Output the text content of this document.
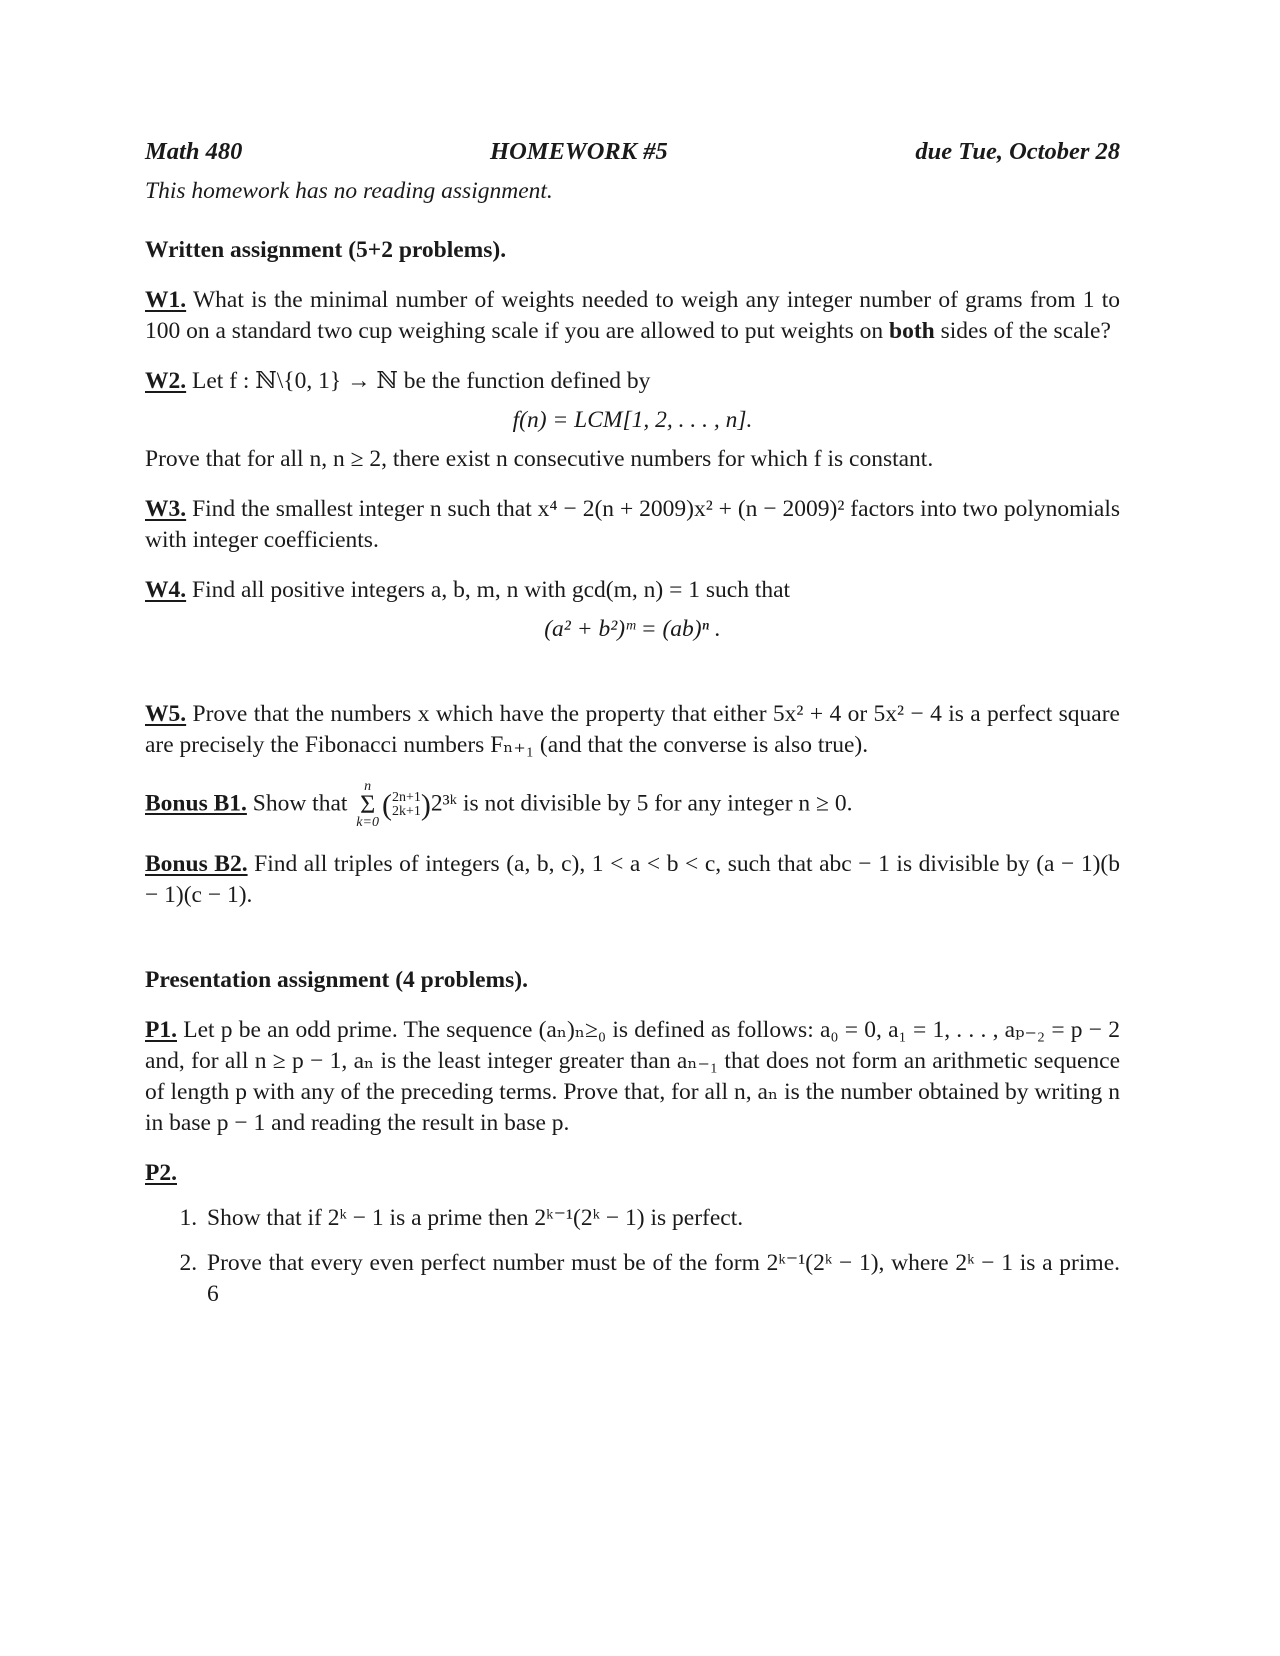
Math 480	HOMEWORK #5	due Tue, October 28
This homework has no reading assignment.
Written assignment (5+2 problems).
W1. What is the minimal number of weights needed to weigh any integer number of grams from 1 to 100 on a standard two cup weighing scale if you are allowed to put weights on both sides of the scale?
W2. Let f : ℕ\{0, 1} → ℕ be the function defined by
f(n) = LCM[1, 2, . . . , n].
Prove that for all n, n ≥ 2, there exist n consecutive numbers for which f is constant.
W3. Find the smallest integer n such that x⁴ − 2(n + 2009)x² + (n − 2009)² factors into two polynomials with integer coefficients.
W4. Find all positive integers a, b, m, n with gcd(m, n) = 1 such that
(a² + b²)ᵐ = (ab)ⁿ .
W5. Prove that the numbers x which have the property that either 5x² + 4 or 5x² − 4 is a perfect square are precisely the Fibonacci numbers Fₙ₊₁ (and that the converse is also true).
Bonus B1. Show that n
Σ
k=0(2n+1
2k+1)2³ᵏ is not divisible by 5 for any integer n ≥ 0.
Bonus B2. Find all triples of integers (a, b, c), 1 < a < b < c, such that abc − 1 is divisible by (a − 1)(b − 1)(c − 1).
Presentation assignment (4 problems).
P1. Let p be an odd prime. The sequence (aₙ)ₙ≥₀ is defined as follows: a₀ = 0, a₁ = 1, . . . , aₚ₋₂ = p − 2 and, for all n ≥ p − 1, aₙ is the least integer greater than aₙ₋₁ that does not form an arithmetic sequence of length p with any of the preceding terms. Prove that, for all n, aₙ is the number obtained by writing n in base p − 1 and reading the result in base p.
P2.
1. Show that if 2ᵏ − 1 is a prime then 2ᵏ⁻¹(2ᵏ − 1) is perfect.
2. Prove that every even perfect number must be of the form 2ᵏ⁻¹(2ᵏ − 1), where 2ᵏ − 1 is a prime. 6
